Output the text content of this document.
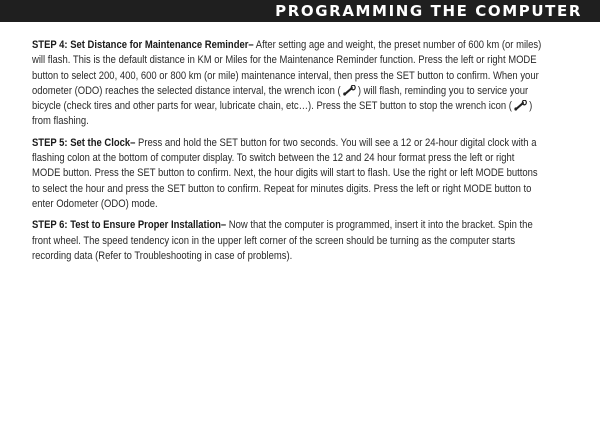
PROGRAMMING THE COMPUTER

STEP 4: Set Distance for Maintenance Reminder– After setting age and weight, the preset number of 600 km (or miles) will flash. This is the default distance in KM or Miles for the Maintenance Reminder function. Press the left or right MODE button to select 200, 400, 600 or 800 km (or mile) maintenance interval, then press the SET button to confirm. When your odometer (ODO) reaches the selected distance interval, the wrench icon ( ) will flash, reminding you to service your bicycle (check tires and other parts for wear, lubricate chain, etc…). Press the SET button to stop the wrench icon ( ) from flashing.

STEP 5: Set the Clock– Press and hold the SET button for two seconds. You will see a 12 or 24-hour digital clock with a flashing colon at the bottom of computer display. To switch between the 12 and 24 hour format press the left or right MODE button. Press the SET button to confirm. Next, the hour digits will start to flash. Use the right or left MODE buttons to select the hour and press the SET button to confirm. Repeat for minutes digits. Press the left or right MODE button to enter Odometer (ODO) mode.

STEP 6: Test to Ensure Proper Installation– Now that the computer is programmed, insert it into the bracket. Spin the front wheel. The speed tendency icon in the upper left corner of the screen should be turning as the computer starts recording data (Refer to Troubleshooting in case of problems).
